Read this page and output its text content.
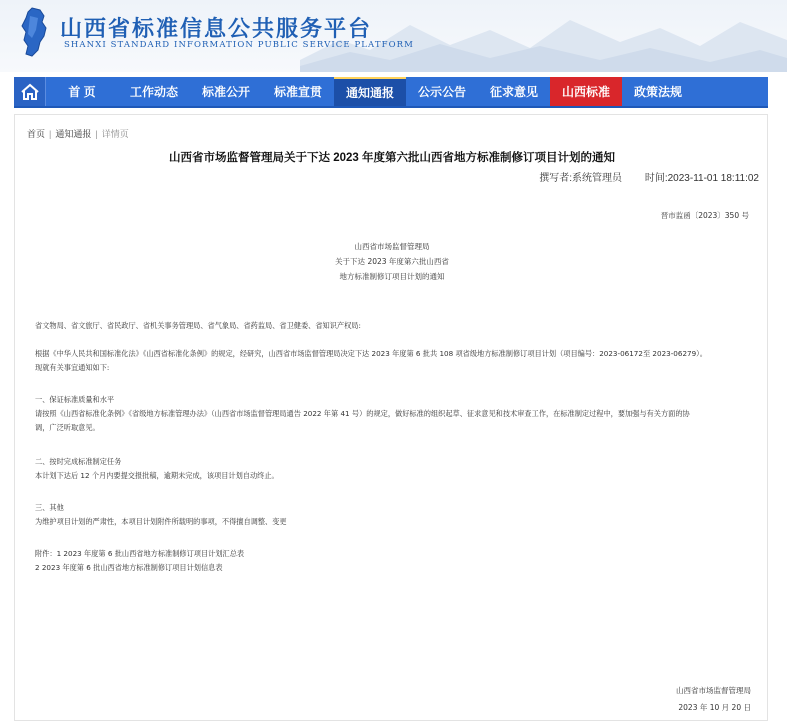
山西省标准信息公共服务平台
SHANXI STANDARD INFORMATION PUBLIC SERVICE PLATFORM
首 页	工作动态	标准公开	标准宣贯	通知通报	公示公告	征求意见	山西标准	政策法规
首页 | 通知通报 | 详情页
山西省市场监督管理局关于下达 2023 年度第六批山西省地方标准制修订项目计划的通知
撰写者:系统管理员 时间:2023-11-01 18:11:02
晋市监函〔2023〕350 号
山西省市场监督管理局
关于下达 2023 年度第六批山西省
地方标准制修订项目计划的通知
省文物局、省文旅厅、省民政厅、省机关事务管理局、省气象局、省药监局、省卫健委、省知识产权局:
根据《中华人民共和国标准化法》《山西省标准化条例》的规定，经研究，山西省市场监督管理局决定下达 2023 年度第 6 批共 108 项省级地方标准制修订项目计划（项目编号：2023-06172至 2023-06279）。
现就有关事宜通知如下:
一、保证标准质量和水平
请按照《山西省标准化条例》《省级地方标准管理办法》（山西省市场监督管理局通告 2022 年第 41 号）的规定，做好标准的组织起草、征求意见和技术审查工作，在标准制定过程中，要加强与有关方面的协
调，广泛听取意见。
二、按时完成标准制定任务
本计划下达后 12 个月内要提交报批稿，逾期未完成，该项目计划自动终止。
三、其他
为维护项目计划的严肃性，本项目计划附件所载明的事项，不得擅自调整、变更
附件：1 2023 年度第 6 批山西省地方标准制修订项目计划汇总表
2 2023 年度第 6 批山西省地方标准制修订项目计划信息表
山西省市场监督管理局
2023 年 10 月 20 日
